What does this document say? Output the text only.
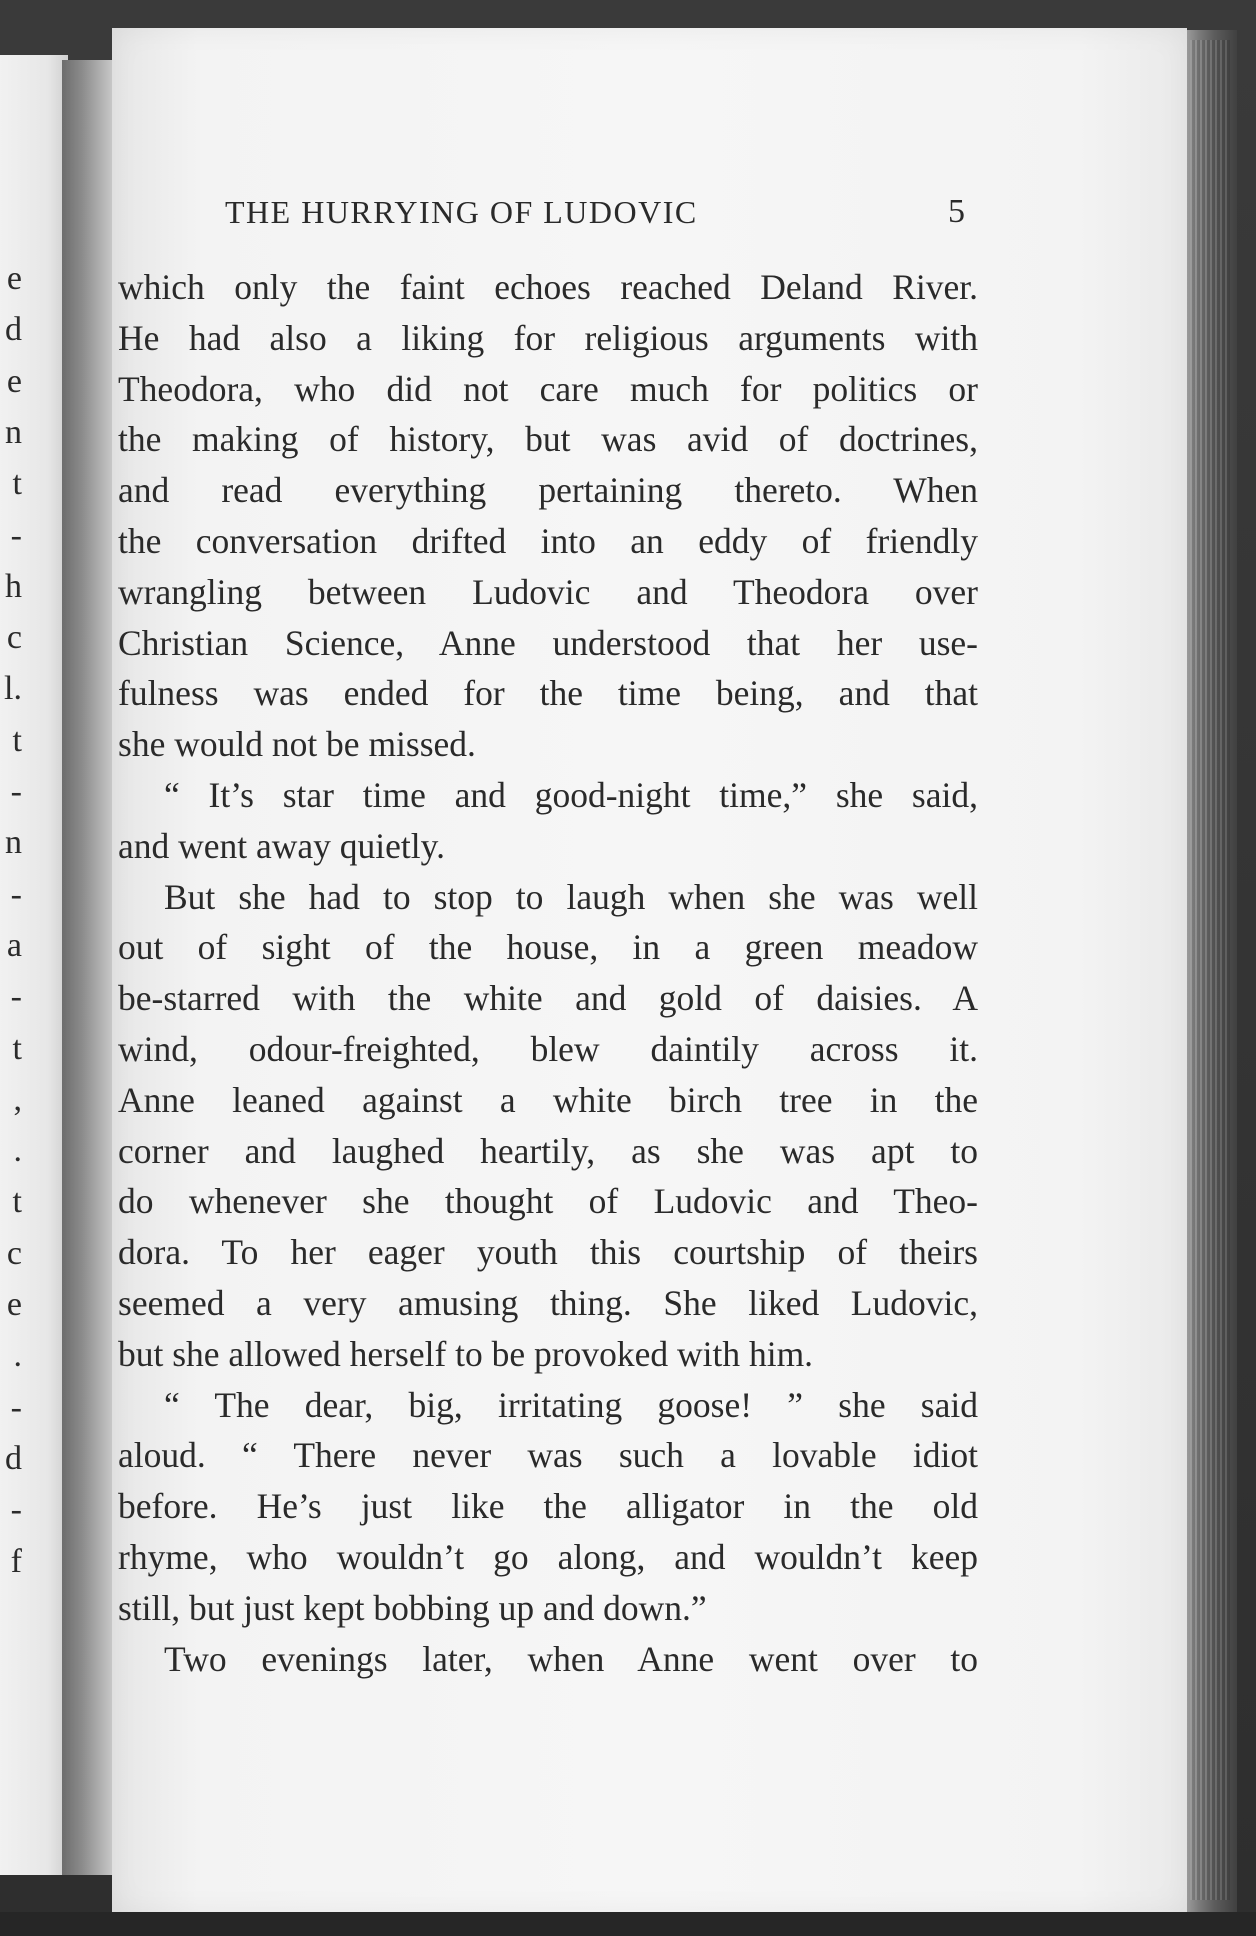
e
d
e
n
t
-
h
c
l.
t
-
n
-
a
-
t
,
.
t
c
e
.
-
d
-
f
THE HURRYING OF LUDOVIC	5
which only the faint echoes reached Deland River.
He had also a liking for religious arguments with
Theodora, who did not care much for politics or
the making of history, but was avid of doctrines,
and read everything pertaining thereto. When
the conversation drifted into an eddy of friendly
wrangling between Ludovic and Theodora over
Christian Science, Anne understood that her use-
fulness was ended for the time being, and that
she would not be missed.
“ It’s star time and good-night time,” she said,
and went away quietly.
But she had to stop to laugh when she was well
out of sight of the house, in a green meadow
be-starred with the white and gold of daisies. A
wind, odour-freighted, blew daintily across it.
Anne leaned against a white birch tree in the
corner and laughed heartily, as she was apt to
do whenever she thought of Ludovic and Theo-
dora. To her eager youth this courtship of theirs
seemed a very amusing thing. She liked Ludovic,
but she allowed herself to be provoked with him.
“ The dear, big, irritating goose! ” she said
aloud. “ There never was such a lovable idiot
before. He’s just like the alligator in the old
rhyme, who wouldn’t go along, and wouldn’t keep
still, but just kept bobbing up and down.”
Two evenings later, when Anne went over to
